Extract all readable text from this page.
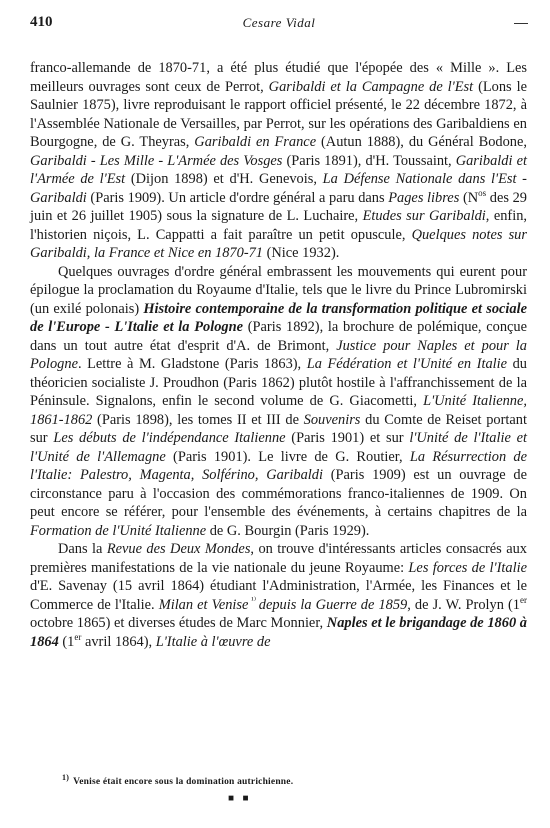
410	Cesare Vidal

franco-allemande de 1870-71, a été plus étudié que l'épopée des « Mille ». Les meilleurs ouvrages sont ceux de Perrot, Garibaldi et la Campagne de l'Est (Lons le Saulnier 1875), livre reproduisant le rapport officiel présenté, le 22 décembre 1872, à l'Assemblée Nationale de Versailles, par Perrot, sur les opérations des Garibaldiens en Bourgogne, de G. Theyras, Garibaldi en France (Autun 1888), du Général Bodone, Garibaldi - Les Mille - L'Armée des Vosges (Paris 1891), d'H. Toussaint, Garibaldi et l'Armée de l'Est (Dijon 1898) et d'H. Genevois, La Défense Nationale dans l'Est - Garibaldi (Paris 1909). Un article d'ordre général a paru dans Pages libres ($N^{os}$ des 29 juin et 26 juillet 1905) sous la signature de L. Luchaire, Etudes sur Garibaldi, enfin, l'historien niçois, L. Cappatti a fait paraître un petit opuscule, Quelques notes sur Garibaldi, la France et Nice en 1870-71 (Nice 1932).

Quelques ouvrages d'ordre général embrassent les mouvements qui eurent pour épilogue la proclamation du Royaume d'Italie, tels que le livre du Prince Lubromirski (un exilé polonais) Histoire contemporaine de la transformation politique et sociale de l'Europe - L'Italie et la Pologne (Paris 1892), la brochure de polémique, conçue dans un tout autre état d'esprit d'A. de Brimont, Justice pour Naples et pour la Pologne. Lettre à M. Gladstone (Paris 1863), La Fédération et l'Unité en Italie du théoricien socialiste J. Proudhon (Paris 1862) plutôt hostile à l'affranchissement de la Péninsule. Signalons, enfin le second volume de G. Giacometti, L'Unité Italienne, 1861-1862 (Paris 1898), les tomes II et III de Souvenirs du Comte de Reiset portant sur Les débuts de l'indépendance Italienne (Paris 1901) et sur l'Unité de l'Italie et l'Unité de l'Allemagne (Paris 1901). Le livre de G. Routier, La Résurrection de l'Italie: Palestro, Magenta, Solférino, Garibaldi (Paris 1909) est un ouvrage de circonstance paru à l'occasion des commémorations franco-italiennes de 1909. On peut encore se référer, pour l'ensemble des événements, à certains chapitres de la Formation de l'Unité Italienne de G. Bourgin (Paris 1929).

Dans la Revue des Deux Mondes, on trouve d'intéressants articles consacrés aux premières manifestations de la vie nationale du jeune Royaume: Les forces de l'Italie d'E. Savenay (15 avril 1864) étudiant l'Administration, l'Armée, les Finances et le Commerce de l'Italie. Milan et Venise $^{^{1)}}$ depuis la Guerre de 1859, de J. W. Prolyn (1er octobre 1865) et diverses études de Marc Monnier, Naples et le brigandage de 1860 à 1864 (1er avril 1864), L'Italie à l'œuvre de

$^{1)}$ Venise était encore sous la domination autrichienne.
■ ■
